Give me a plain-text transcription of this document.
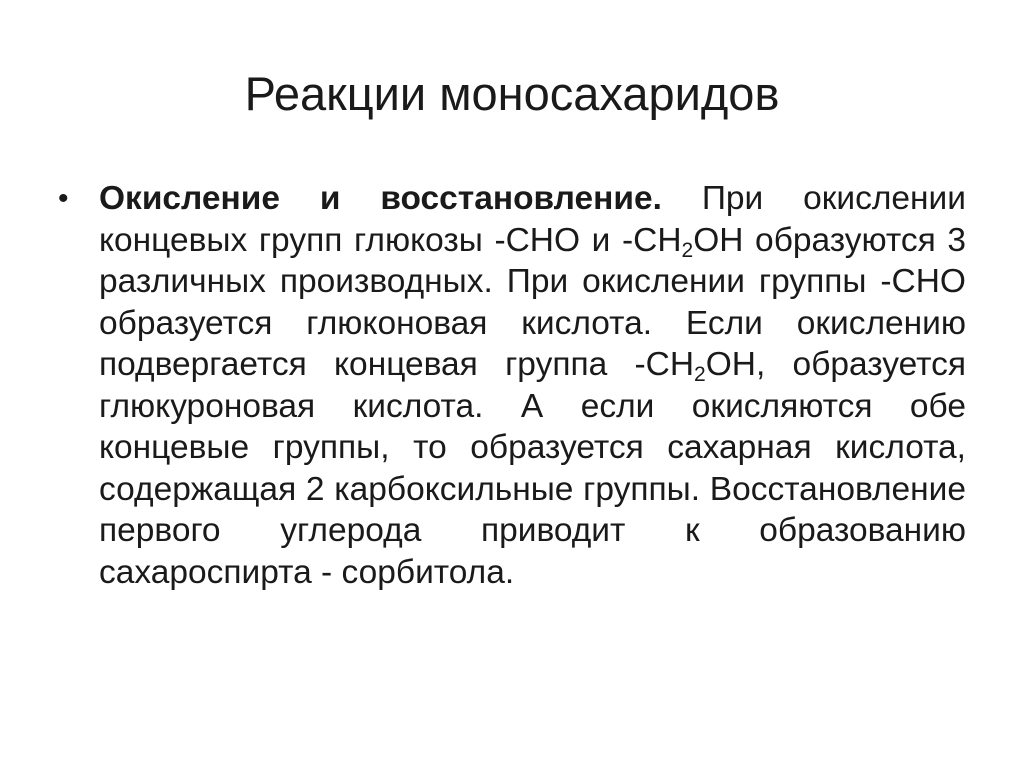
Реакции моносахаридов
• Окисление и восстановление. При окислении концевых групп глюкозы -СНО и $-СН_2ОН$ образуются 3 различных производных. При окислении группы -СНО образуется глюконовая кислота. Если окислению подвергается концевая группа $-СН_2ОН$, образуется глюкуроновая кислота. А если окисляются обе концевые группы, то образуется сахарная кислота, содержащая 2 карбоксильные группы. Восстановление первого углерода приводит к образованию сахароспирта - сорбитола.
